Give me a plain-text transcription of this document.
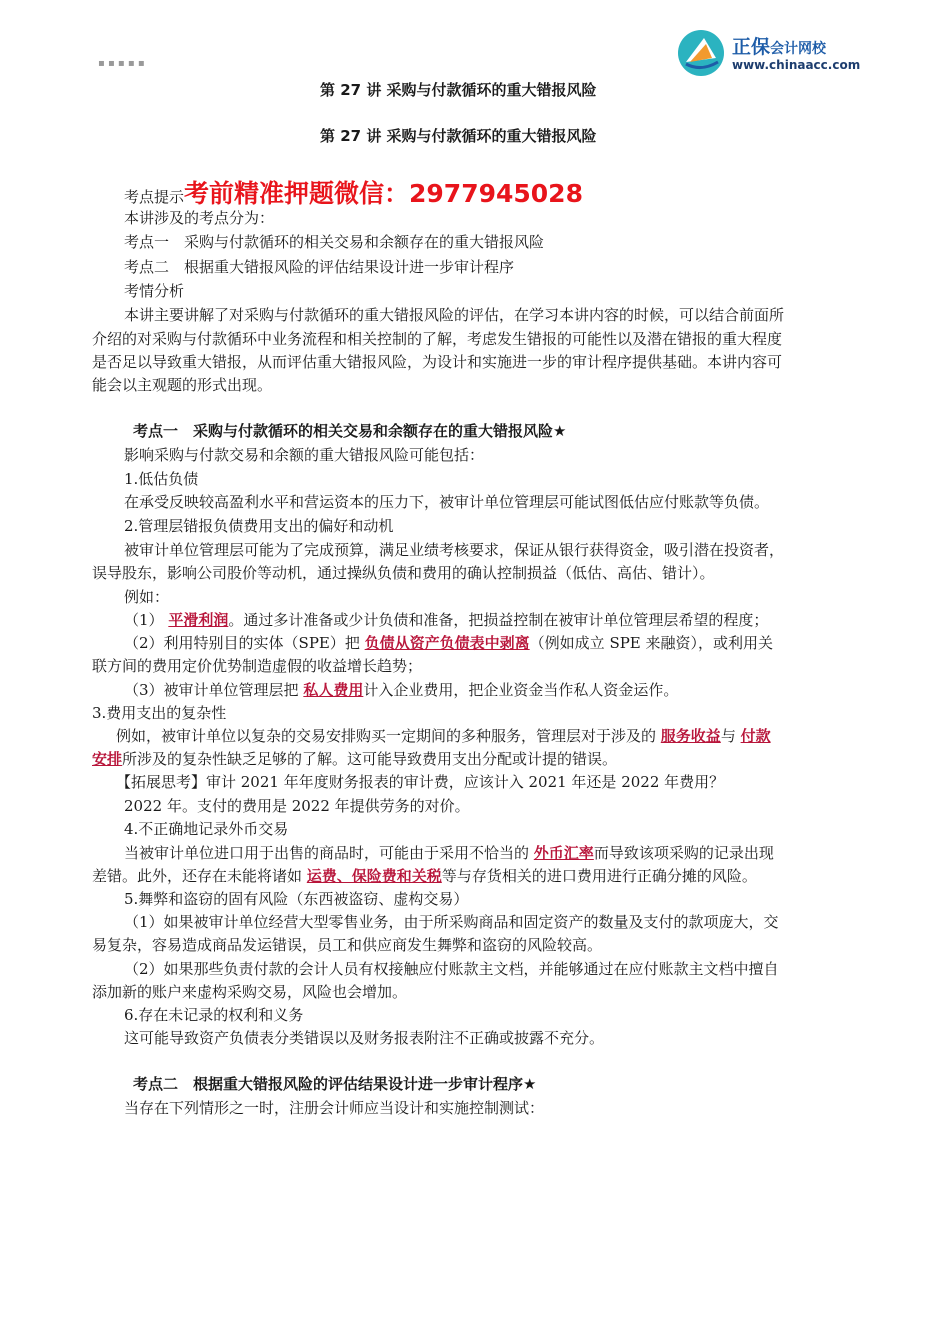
▪ ▪ ▪ ▪ ▪
正保会计网校
www.chinaacc.com
第 27 讲 采购与付款循环的重大错报风险
第 27 讲 采购与付款循环的重大错报风险
考点提示考前精准押题微信：2977945028
本讲涉及的考点分为：
考点一　采购与付款循环的相关交易和余额存在的重大错报风险
考点二　根据重大错报风险的评估结果设计进一步审计程序
考情分析
本讲主要讲解了对采购与付款循环的重大错报风险的评估，在学习本讲内容的时候，可以结合前面所
介绍的对采购与付款循环中业务流程和相关控制的了解，考虑发生错报的可能性以及潜在错报的重大程度
是否足以导致重大错报，从而评估重大错报风险，为设计和实施进一步的审计程序提供基础。本讲内容可
能会以主观题的形式出现。
考点一　采购与付款循环的相关交易和余额存在的重大错报风险★
影响采购与付款交易和余额的重大错报风险可能包括：
1.低估负债
在承受反映较高盈利水平和营运资本的压力下，被审计单位管理层可能试图低估应付账款等负债。
2.管理层错报负债费用支出的偏好和动机
被审计单位管理层可能为了完成预算，满足业绩考核要求，保证从银行获得资金，吸引潜在投资者，
误导股东，影响公司股价等动机，通过操纵负债和费用的确认控制损益（低估、高估、错计）。
例如：
（1） 平滑利润。通过多计准备或少计负债和准备，把损益控制在被审计单位管理层希望的程度；
（2）利用特别目的实体（SPE）把 负债从资产负债表中剥离（例如成立 SPE 来融资），或利用关
联方间的费用定价优势制造虚假的收益增长趋势；
（3）被审计单位管理层把 私人费用计入企业费用，把企业资金当作私人资金运作。
3.费用支出的复杂性
例如，被审计单位以复杂的交易安排购买一定期间的多种服务，管理层对于涉及的 服务收益与 付款
安排所涉及的复杂性缺乏足够的了解。这可能导致费用支出分配或计提的错误。
【拓展思考】审计 2021 年年度财务报表的审计费，应该计入 2021 年还是 2022 年费用？
2022 年。支付的费用是 2022 年提供劳务的对价。
4.不正确地记录外币交易
当被审计单位进口用于出售的商品时，可能由于采用不恰当的 外币汇率而导致该项采购的记录出现
差错。此外，还存在未能将诸如 运费、保险费和关税等与存货相关的进口费用进行正确分摊的风险。
5.舞弊和盗窃的固有风险（东西被盗窃、虚构交易）
（1）如果被审计单位经营大型零售业务，由于所采购商品和固定资产的数量及支付的款项庞大，交
易复杂，容易造成商品发运错误，员工和供应商发生舞弊和盗窃的风险较高。
（2）如果那些负责付款的会计人员有权接触应付账款主文档，并能够通过在应付账款主文档中擅自
添加新的账户来虚构采购交易，风险也会增加。
6.存在未记录的权利和义务
这可能导致资产负债表分类错误以及财务报表附注不正确或披露不充分。
考点二　根据重大错报风险的评估结果设计进一步审计程序★
当存在下列情形之一时，注册会计师应当设计和实施控制测试：
